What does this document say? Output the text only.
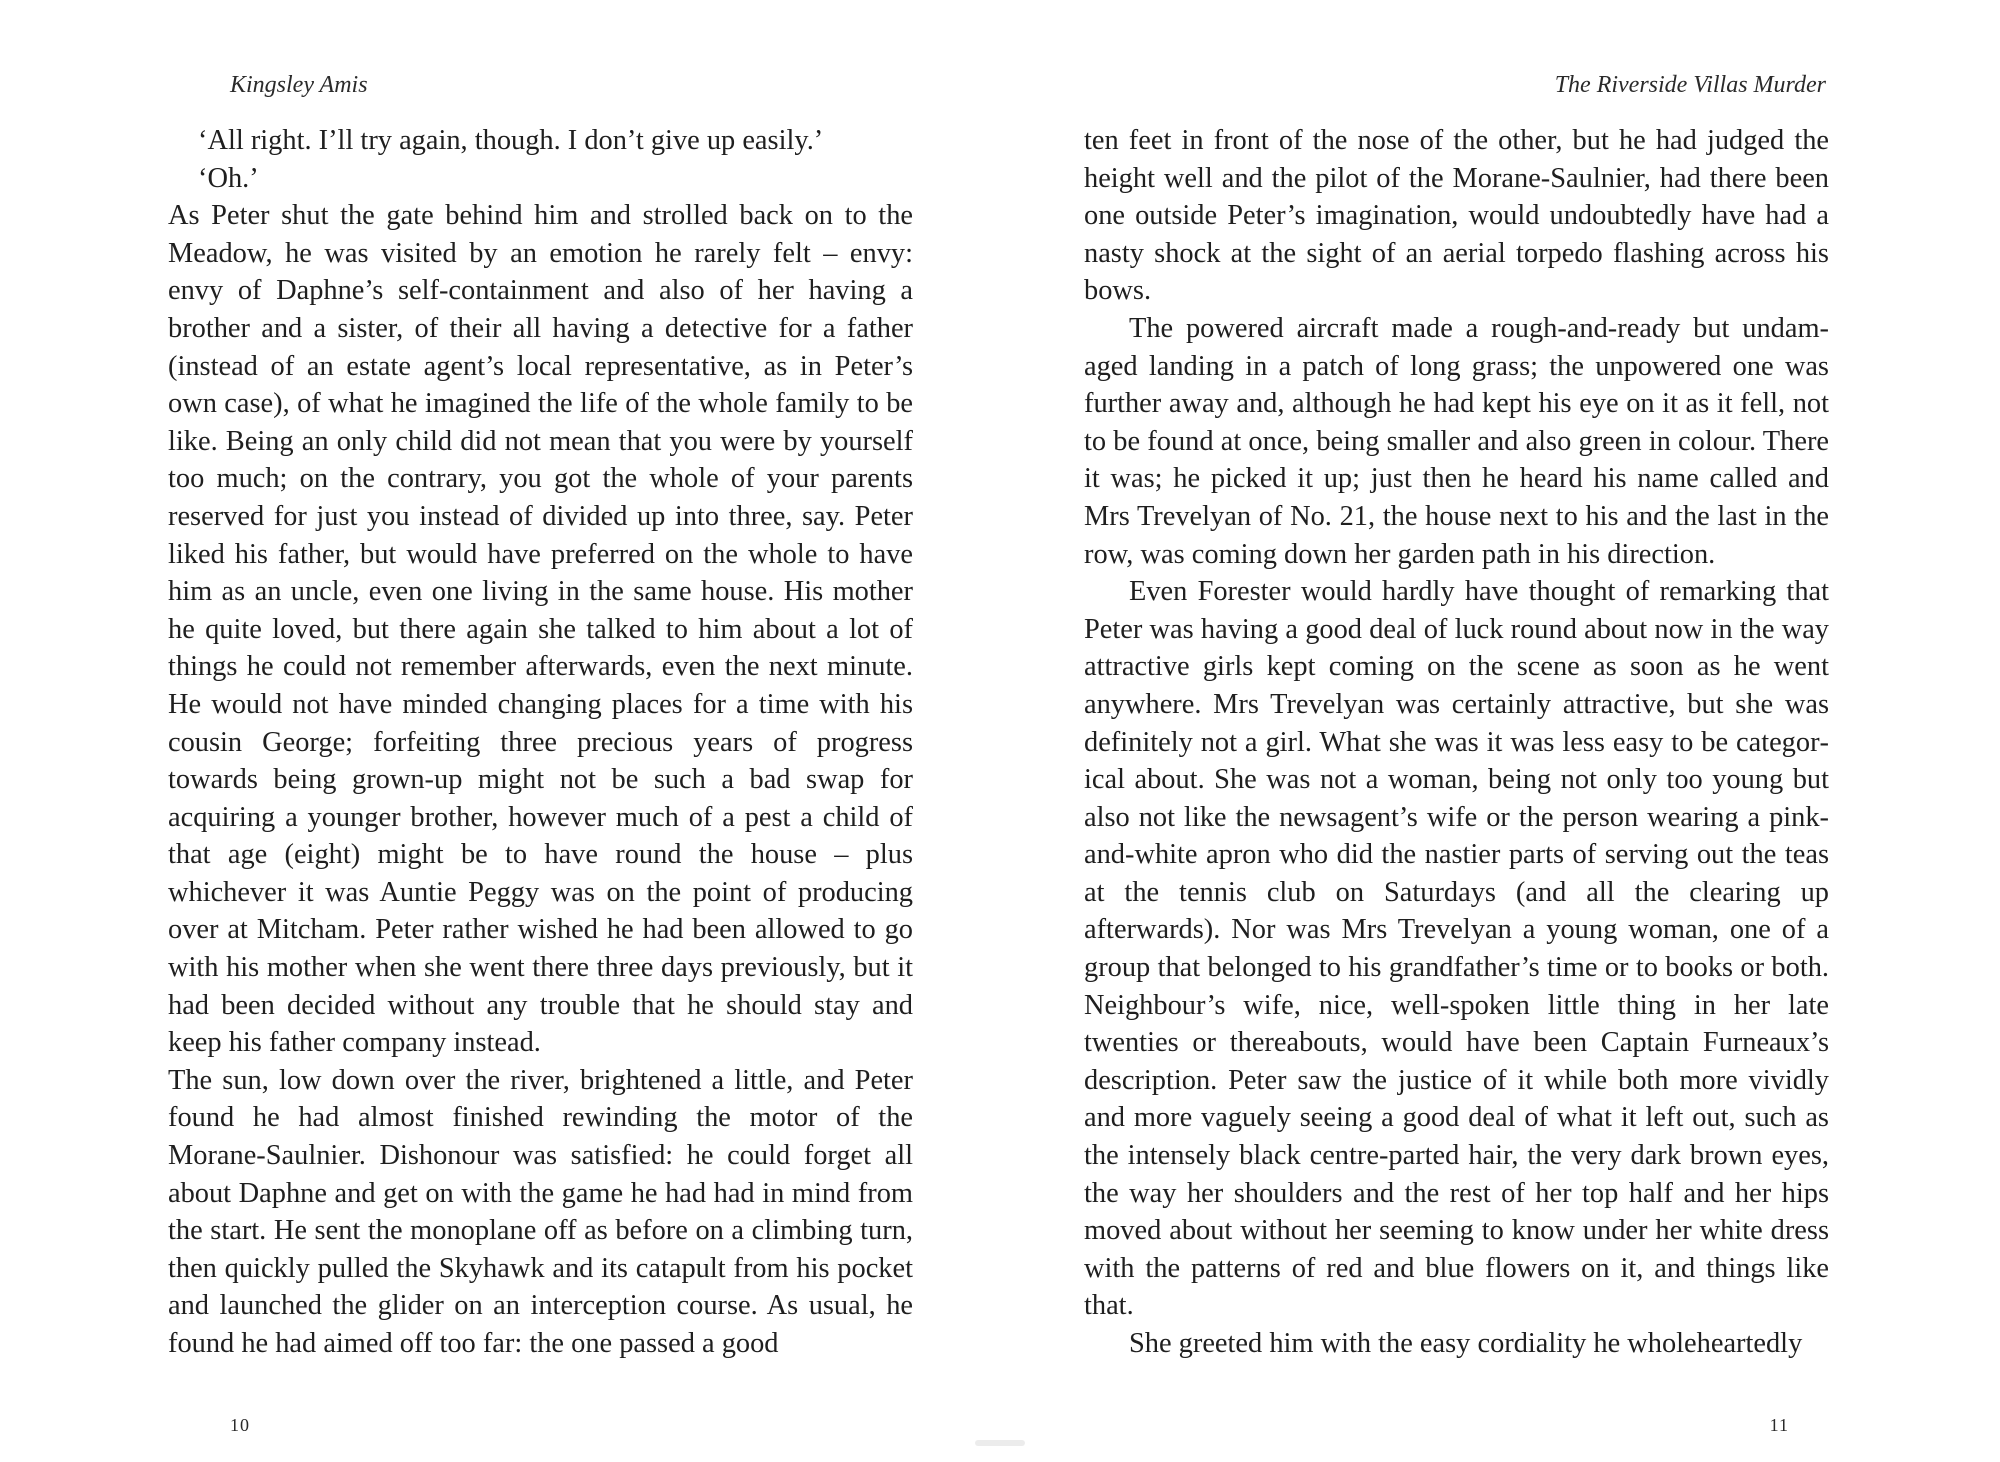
Kingsley Amis

‘All right. I’ll try again, though. I don’t give up easily.’

‘Oh.’

As Peter shut the gate behind him and strolled back on to the Meadow, he was visited by an emotion he rarely felt – envy: envy of Daphne’s self-containment and also of her having a brother and a sister, of their all having a detective for a father (instead of an estate agent’s local representative, as in Peter’s own case), of what he imagined the life of the whole family to be like. Being an only child did not mean that you were by yourself too much; on the contrary, you got the whole of your parents reserved for just you instead of divided up into three, say. Peter liked his father, but would have preferred on the whole to have him as an uncle, even one living in the same house. His mother he quite loved, but there again she talked to him about a lot of things he could not remember afterwards, even the next minute. He would not have minded changing places for a time with his cousin George; forfeiting three precious years of progress towards being grown-up might not be such a bad swap for acquiring a younger brother, however much of a pest a child of that age (eight) might be to have round the house – plus whichever it was Auntie Peggy was on the point of producing over at Mitcham. Peter rather wished he had been allowed to go with his mother when she went there three days previously, but it had been decided without any trouble that he should stay and keep his father company instead.

The sun, low down over the river, brightened a little, and Peter found he had almost finished rewinding the motor of the Morane-Saulnier. Dishonour was satisfied: he could forget all about Daphne and get on with the game he had had in mind from the start. He sent the monoplane off as before on a climbing turn, then quickly pulled the Skyhawk and its catapult from his pocket and launched the glider on an interception course. As usual, he found he had aimed off too far: the one passed a good

10
The Riverside Villas Murder

ten feet in front of the nose of the other, but he had judged the height well and the pilot of the Morane-Saulnier, had there been one outside Peter’s imagination, would undoubtedly have had a nasty shock at the sight of an aerial torpedo flashing across his bows.

The powered aircraft made a rough-and-ready but undamaged landing in a patch of long grass; the unpowered one was further away and, although he had kept his eye on it as it fell, not to be found at once, being smaller and also green in colour. There it was; he picked it up; just then he heard his name called and Mrs Trevelyan of No. 21, the house next to his and the last in the row, was coming down her garden path in his direction.

Even Forester would hardly have thought of remarking that Peter was having a good deal of luck round about now in the way attractive girls kept coming on the scene as soon as he went anywhere. Mrs Trevelyan was certainly attractive, but she was definitely not a girl. What she was it was less easy to be categorical about. She was not a woman, being not only too young but also not like the newsagent’s wife or the person wearing a pink-and-white apron who did the nastier parts of serving out the teas at the tennis club on Saturdays (and all the clearing up afterwards). Nor was Mrs Trevelyan a young woman, one of a group that belonged to his grandfather’s time or to books or both. Neighbour’s wife, nice, well-spoken little thing in her late twenties or thereabouts, would have been Captain Furneaux’s description. Peter saw the justice of it while both more vividly and more vaguely seeing a good deal of what it left out, such as the intensely black centre-parted hair, the very dark brown eyes, the way her shoulders and the rest of her top half and her hips moved about without her seeming to know under her white dress with the patterns of red and blue flowers on it, and things like that.

She greeted him with the easy cordiality he wholeheartedly

11
